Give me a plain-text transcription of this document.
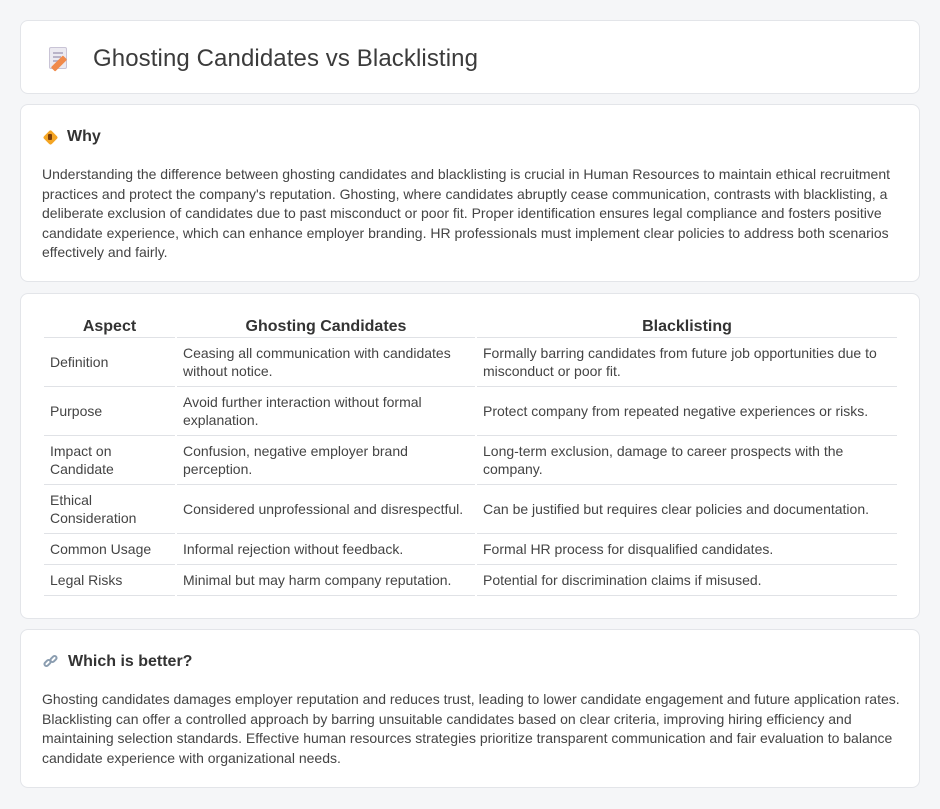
Ghosting Candidates vs Blacklisting
Why

Understanding the difference between ghosting candidates and blacklisting is crucial in Human Resources to maintain ethical recruitment practices and protect the company's reputation. Ghosting, where candidates abruptly cease communication, contrasts with blacklisting, a deliberate exclusion of candidates due to past misconduct or poor fit. Proper identification ensures legal compliance and fosters positive candidate experience, which can enhance employer branding. HR professionals must implement clear policies to address both scenarios effectively and fairly.

Aspect	Ghosting Candidates	Blacklisting
Definition	Ceasing all communication with candidates without notice.	Formally barring candidates from future job opportunities due to misconduct or poor fit.
Purpose	Avoid further interaction without formal explanation.	Protect company from repeated negative experiences or risks.
Impact on Candidate	Confusion, negative employer brand perception.	Long-term exclusion, damage to career prospects with the company.
Ethical Consideration	Considered unprofessional and disrespectful.	Can be justified but requires clear policies and documentation.
Common Usage	Informal rejection without feedback.	Formal HR process for disqualified candidates.
Legal Risks	Minimal but may harm company reputation.	Potential for discrimination claims if misused.
Which is better?

Ghosting candidates damages employer reputation and reduces trust, leading to lower candidate engagement and future application rates. Blacklisting can offer a controlled approach by barring unsuitable candidates based on clear criteria, improving hiring efficiency and maintaining selection standards. Effective human resources strategies prioritize transparent communication and fair evaluation to balance candidate experience with organizational needs.
